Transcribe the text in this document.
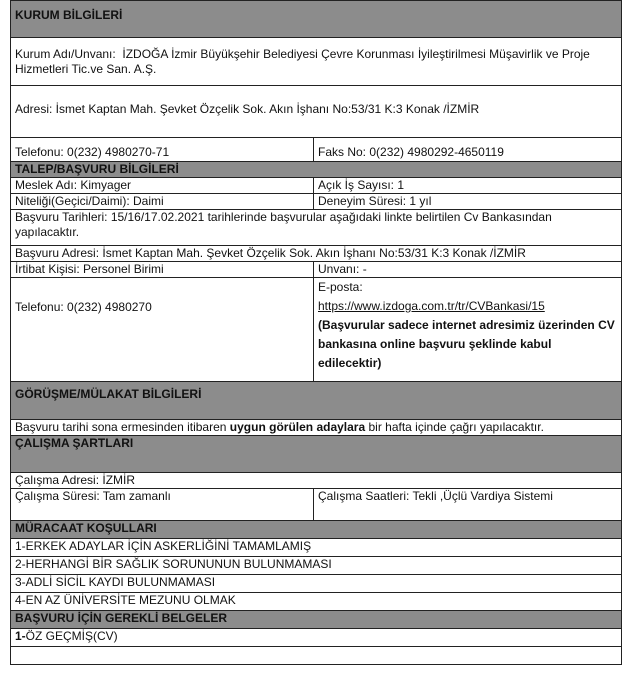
KURUM BİLGİLERİ	
Kurum Adı/Unvanı: İZDOĞA İzmir Büyükşehir Belediyesi Çevre Korunması İyileştirilmesi Müşavirlik ve Proje Hizmetleri Tic.ve San. A.Ş.	
Adresi: İsmet Kaptan Mah. Şevket Özçelik Sok. Akın İşhanı No:53/31 K:3 Konak /İZMİR	
Telefonu: 0(232) 4980270-71	Faks No: 0(232) 4980292-4650119
TALEP/BAŞVURU BİLGİLERİ	
Meslek Adı: Kimyager	Açık İş Sayısı: 1
Niteliği(Geçici/Daimi): Daimi	Deneyim Süresi: 1 yıl
Başvuru Tarihleri: 15/16/17.02.2021 tarihlerinde başvurular aşağıdaki linkte belirtilen Cv Bankasından yapılacaktır.	
Başvuru Adresi: İsmet Kaptan Mah. Şevket Özçelik Sok. Akın İşhanı No:53/31 K:3 Konak /İZMİR	
İrtibat Kişisi: Personel Birimi	Unvanı: -
Telefonu: 0(232) 4980270	E-posta:
https://www.izdoga.com.tr/tr/CVBankasi/15
(Başvurular sadece internet adresimiz üzerinden CV bankasına online başvuru şeklinde kabul edilecektir)

GÖRÜŞME/MÜLAKAT BİLGİLERİ	
Başvuru tarihi sona ermesinden itibaren uygun görülen adaylara bir hafta içinde çağrı yapılacaktır.	
ÇALIŞMA ŞARTLARI	
Çalışma Adresi: İZMİR	
Çalışma Süresi: Tam zamanlı	Çalışma Saatleri: Tekli ,Üçlü Vardiya Sistemi
MÜRACAAT KOŞULLARI	
1-ERKEK ADAYLAR İÇİN ASKERLİĞİNİ TAMAMLAMIŞ	
2-HERHANGİ BİR SAĞLIK SORUNUNUN BULUNMAMASI	
3-ADLİ SİCİL KAYDI BULUNMAMASI	
4-EN AZ ÜNİVERSİTE MEZUNU OLMAK	
BAŞVURU İÇİN GEREKLİ BELGELER	
1-ÖZ GEÇMİŞ(CV)	
